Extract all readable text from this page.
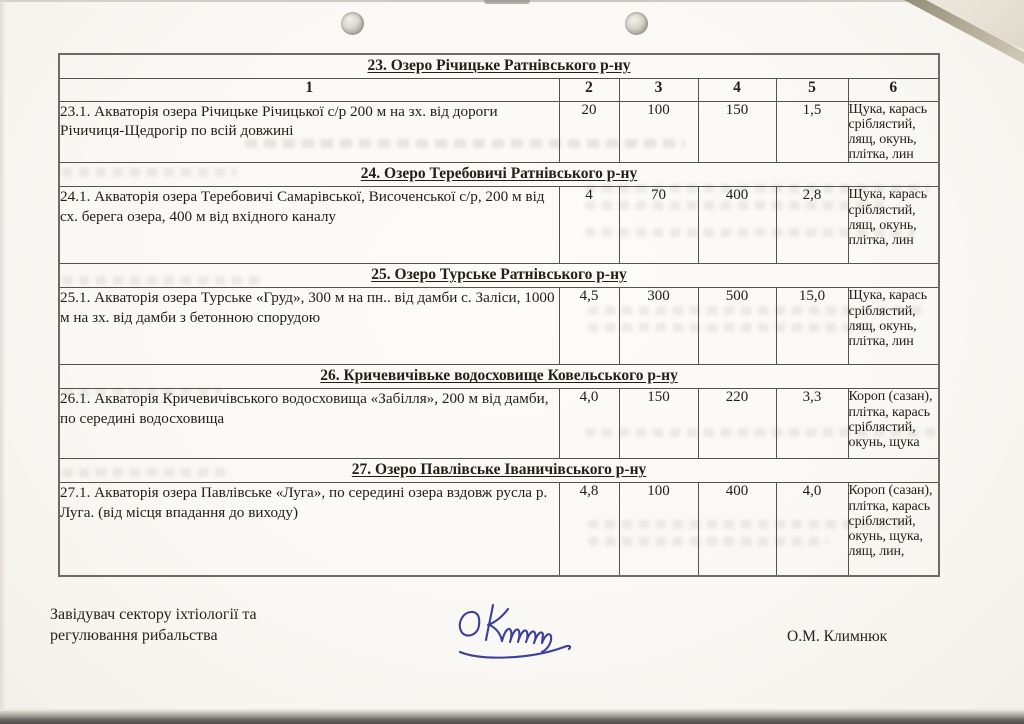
23. Озеро Річицьке Ратнівського р-ну					
1	2	3	4	5	6
23.1. Акваторія озера Річицьке Річицької с/р 200 м на зх. від дороги Річичиця-Щедрогір по всій довжині	20	100	150	1,5	Щука, карась сріблястий, лящ, окунь, плітка, лин
24. Озеро Теребовичі Ратнівського р-ну					
24.1. Акваторія озера Теребовичі Самарівської, Височенської с/р, 200 м від сх. берега озера, 400 м від вхідного каналу	4	70	400	2,8	Щука, карась сріблястий, лящ, окунь, плітка, лин
25. Озеро Турське Ратнівського р-ну					
25.1. Акваторія озера Турське «Груд», 300 м на пн.. від дамби с. Заліси, 1000 м на зх. від дамби з бетонною спорудою	4,5	300	500	15,0	Щука, карась сріблястий, лящ, окунь, плітка, лин
26. Кричевичівьке водосховище Ковельського р-ну					
26.1. Акваторія Кричевичівського водосховища «Забілля», 200 м від дамби, по середині водосховища	4,0	150	220	3,3	Короп (сазан), плітка, карась сріблястий, окунь, щука
27. Озеро Павлівське Іваничівського р-ну					
27.1. Акваторія озера Павлівське «Луга», по середині озера вздовж русла р. Луга. (від місця впадання до виходу)	4,8	100	400	4,0	Короп (сазан), плітка, карась сріблястий, окунь, щука, лящ, лин,
Завідувач сектору іхтіології та
регулювання рибальства	О.М. Климнюк
